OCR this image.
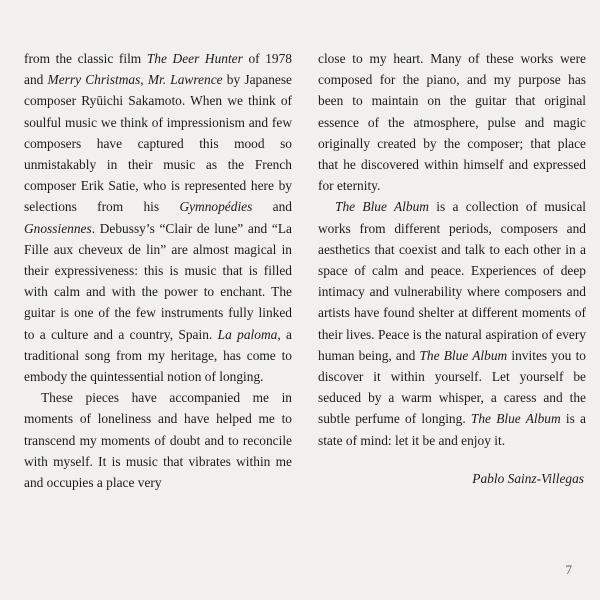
from the classic film The Deer Hunter of 1978 and Merry Christmas, Mr. Lawrence by Japanese composer Ryūichi Sakamoto. When we think of soulful music we think of impressionism and few composers have captured this mood so unmistakably in their music as the French composer Erik Satie, who is represented here by selections from his Gymnopédies and Gnossiennes. Debussy’s “Clair de lune” and “La Fille aux cheveux de lin” are almost magical in their expressiveness: this is music that is filled with calm and with the power to enchant. The guitar is one of the few instruments fully linked to a culture and a country, Spain. La paloma, a traditional song from my heritage, has come to embody the quintessential notion of longing.

These pieces have accompanied me in moments of loneliness and have helped me to transcend my moments of doubt and to reconcile with myself. It is music that vibrates within me and occupies a place very

close to my heart. Many of these works were composed for the piano, and my purpose has been to maintain on the guitar that original essence of the atmosphere, pulse and magic originally created by the composer; that place that he discovered within himself and expressed for eternity.

The Blue Album is a collection of musical works from different periods, composers and aesthetics that coexist and talk to each other in a space of calm and peace. Experiences of deep intimacy and vulnerability where composers and artists have found shelter at different moments of their lives. Peace is the natural aspiration of every human being, and The Blue Album invites you to discover it within yourself. Let yourself be seduced by a warm whisper, a caress and the subtle perfume of longing. The Blue Album is a state of mind: let it be and enjoy it.

Pablo Sainz-Villegas
7
